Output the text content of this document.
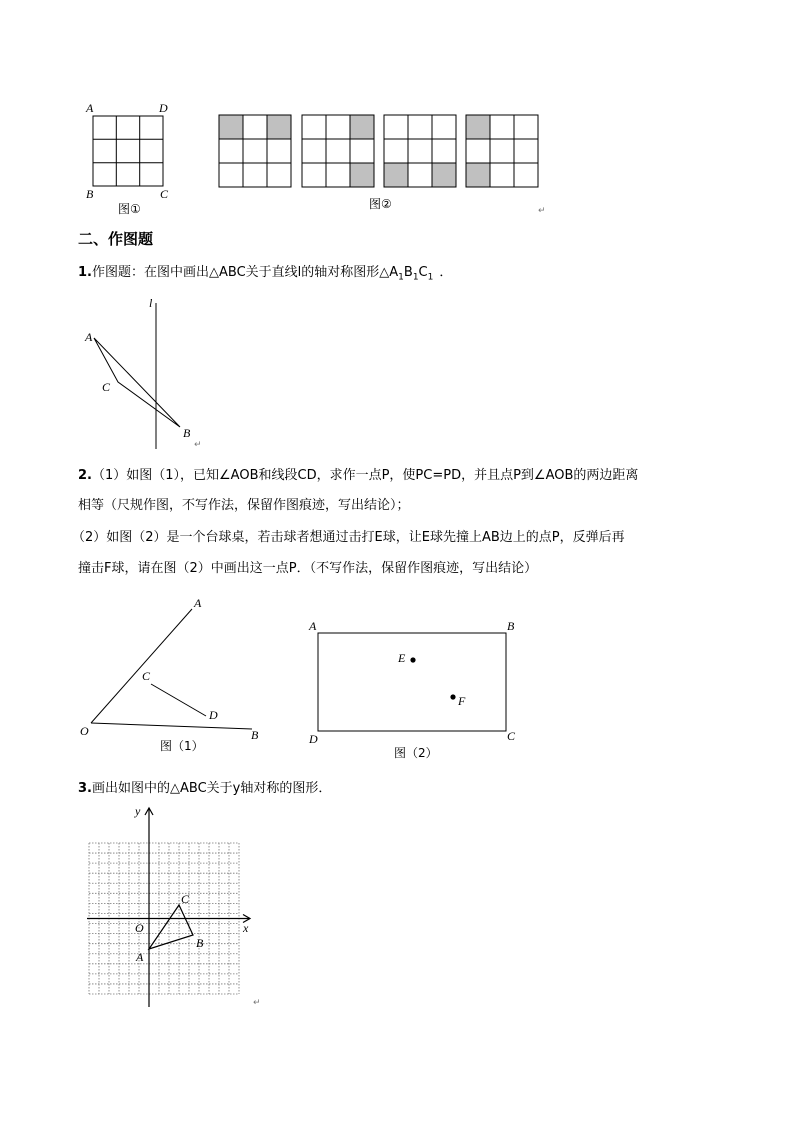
A	D
B	C
图①	图②	↵
二、作图题
1.作图题：在图中画出△ABC关于直线l的轴对称图形$\triangle A_1B_1C_1$ ．
l
A
C
B
↵
2.（1）如图（1），已知∠AOB和线段CD，求作一点P，使PC=PD，并且点P到∠AOB的两边距离
相等（尺规作图，不写作法，保留作图痕迹，写出结论）；
（2）如图（2）是一个台球桌，若击球者想通过击打E球，让E球先撞上AB边上的点P，反弹后再
撞击F球，请在图（2）中画出这一点P．（不写作法，保留作图痕迹，写出结论）
A
C
D
O	B
图（1）
A	B
E
F
D	C
图（2）
3.画出如图中的△ABC关于y轴对称的图形．
y
x
O
C
B
A
↵
